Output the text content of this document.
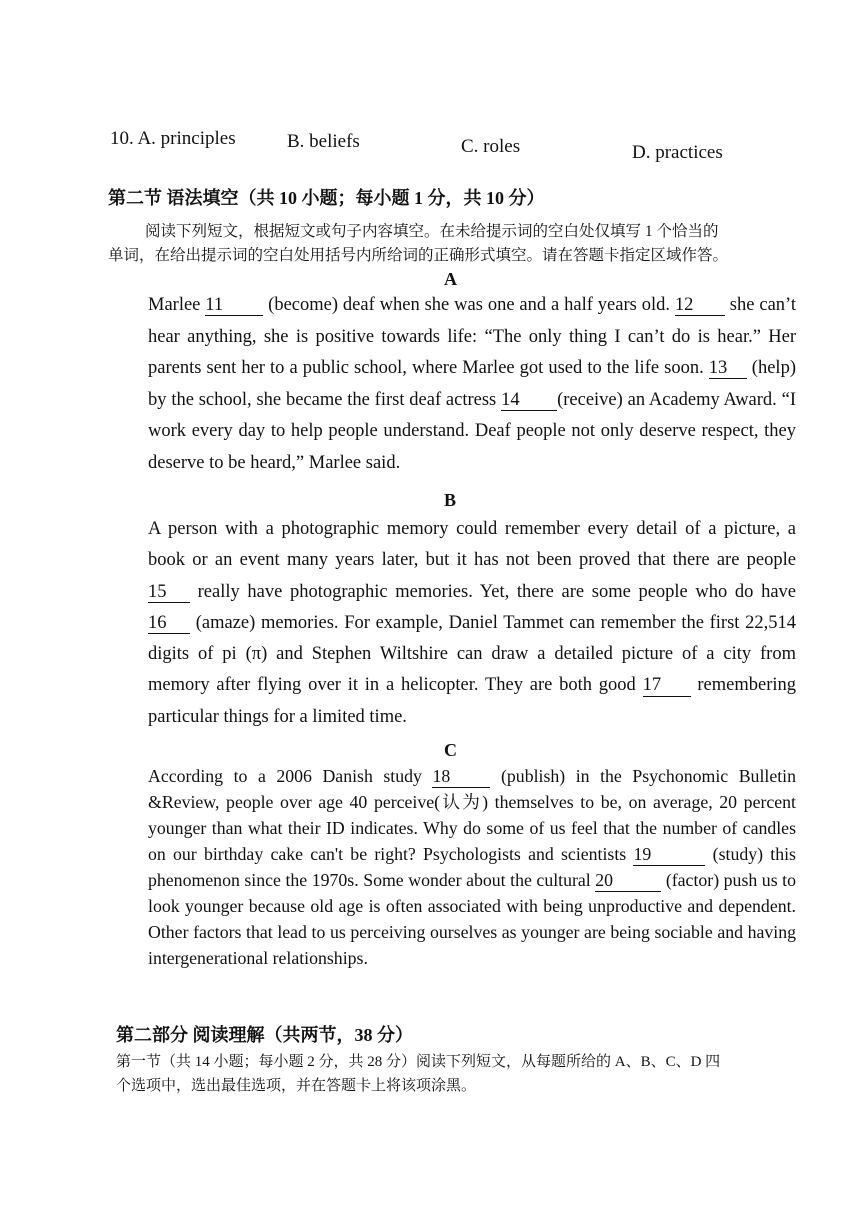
10. A. principles	B. beliefs	C. roles	D. practices
第二节 语法填空（共 10 小题；每小题 1 分，共 10 分）
阅读下列短文，根据短文或句子内容填空。在未给提示词的空白处仅填写 1 个恰当的
单词，在给出提示词的空白处用括号内所给词的正确形式填空。请在答题卡指定区域作答。
A

Marlee 11 (become) deaf when she was one and a half years old. 12 she can’t hear anything, she is positive towards life: “The only thing I can’t do is hear.” Her parents sent her to a public school, where Marlee got used to the life soon. 13 (help) by the school, she became the first deaf actress 14 (receive) an Academy Award. “I work every day to help people understand. Deaf people not only deserve respect, they deserve to be heard,” Marlee said.

B

A person with a photographic memory could remember every detail of a picture, a book or an event many years later, but it has not been proved that there are people 15 really have photographic memories. Yet, there are some people who do have 16 (amaze) memories. For example, Daniel Tammet can remember the first 22,514 digits of pi (π) and Stephen Wiltshire can draw a detailed picture of a city from memory after flying over it in a helicopter. They are both good 17 remembering particular things for a limited time.

C

According to a 2006 Danish study 18 (publish) in the Psychonomic Bulletin &Review, people over age 40 perceive(认为) themselves to be, on average, 20 percent younger than what their ID indicates. Why do some of us feel that the number of candles on our birthday cake can't be right? Psychologists and scientists 19	(study) this phenomenon since the 1970s. Some wonder about the cultural 20	(factor) push us to look younger because old age is often associated with being unproductive and dependent. Other factors that lead to us perceiving ourselves as younger are being sociable and having intergenerational relationships.

第二部分 阅读理解（共两节，38 分）
第一节（共 14 小题；每小题 2 分，共 28 分）阅读下列短文，从每题所给的 A、B、C、D 四
个选项中，选出最佳选项，并在答题卡上将该项涂黑。
